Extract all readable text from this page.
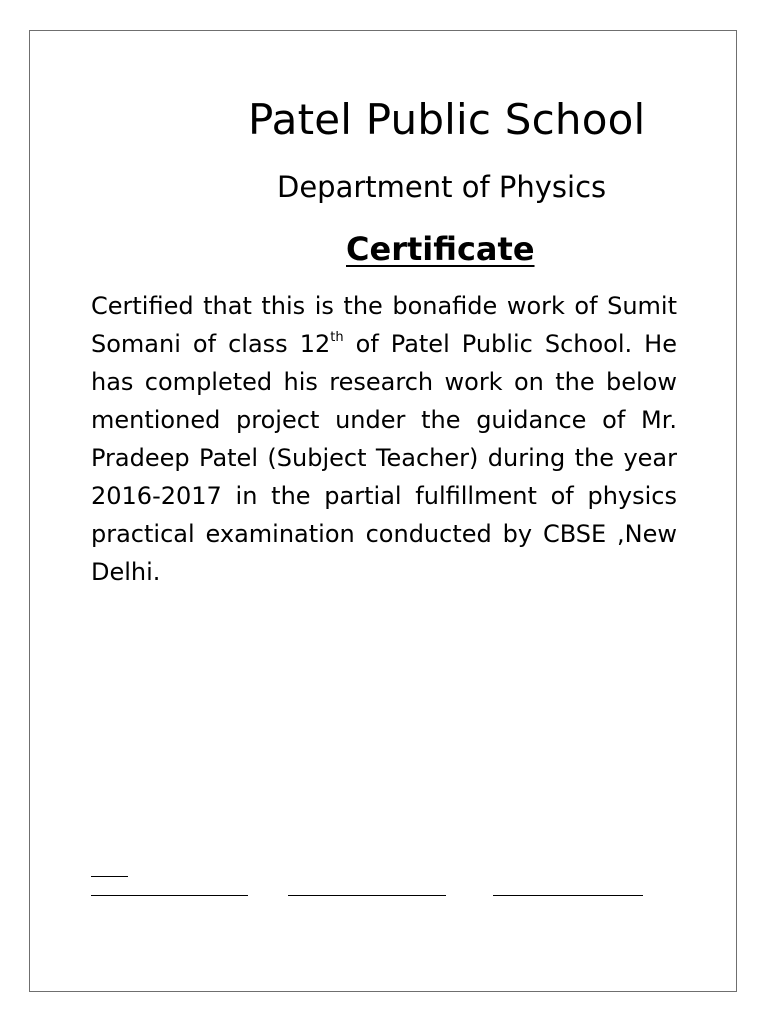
Patel Public School
Department of Physics
Certificate
Certified that this is the bonafide work of Sumit Somani of class 12th of Patel Public School. He has completed his research work on the below mentioned project under the guidance of Mr. Pradeep Patel (Subject Teacher) during the year 2016-2017 in the partial fulfillment of physics practical examination conducted by CBSE ,New Delhi.
